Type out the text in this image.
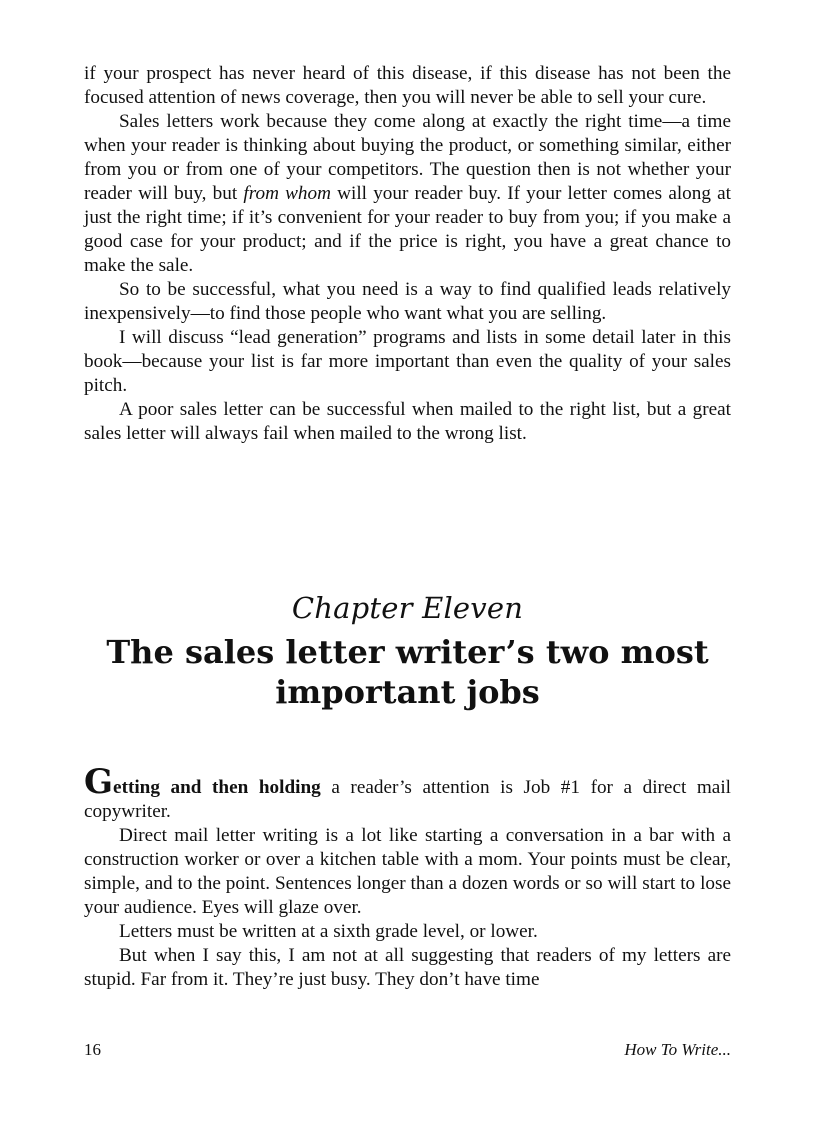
if your prospect has never heard of this disease, if this disease has not been the focused attention of news coverage, then you will never be able to sell your cure.

Sales letters work because they come along at exactly the right time—a time when your reader is thinking about buying the product, or something similar, either from you or from one of your competitors. The question then is not whether your reader will buy, but from whom will your reader buy. If your letter comes along at just the right time; if it’s convenient for your reader to buy from you; if you make a good case for your product; and if the price is right, you have a great chance to make the sale.

So to be successful, what you need is a way to find qualified leads relatively inexpensively—to find those people who want what you are selling.

I will discuss “lead generation” programs and lists in some detail later in this book—because your list is far more important than even the quality of your sales pitch.

A poor sales letter can be successful when mailed to the right list, but a great sales letter will always fail when mailed to the wrong list.

Chapter Eleven
The sales letter writer’s two most important jobs

Getting and then holding a reader’s attention is Job #1 for a direct mail copywriter.

Direct mail letter writing is a lot like starting a conversation in a bar with a construction worker or over a kitchen table with a mom. Your points must be clear, simple, and to the point. Sentences longer than a dozen words or so will start to lose your audience. Eyes will glaze over.

Letters must be written at a sixth grade level, or lower.

But when I say this, I am not at all suggesting that readers of my letters are stupid. Far from it. They’re just busy. They don’t have time

16	How To Write...
